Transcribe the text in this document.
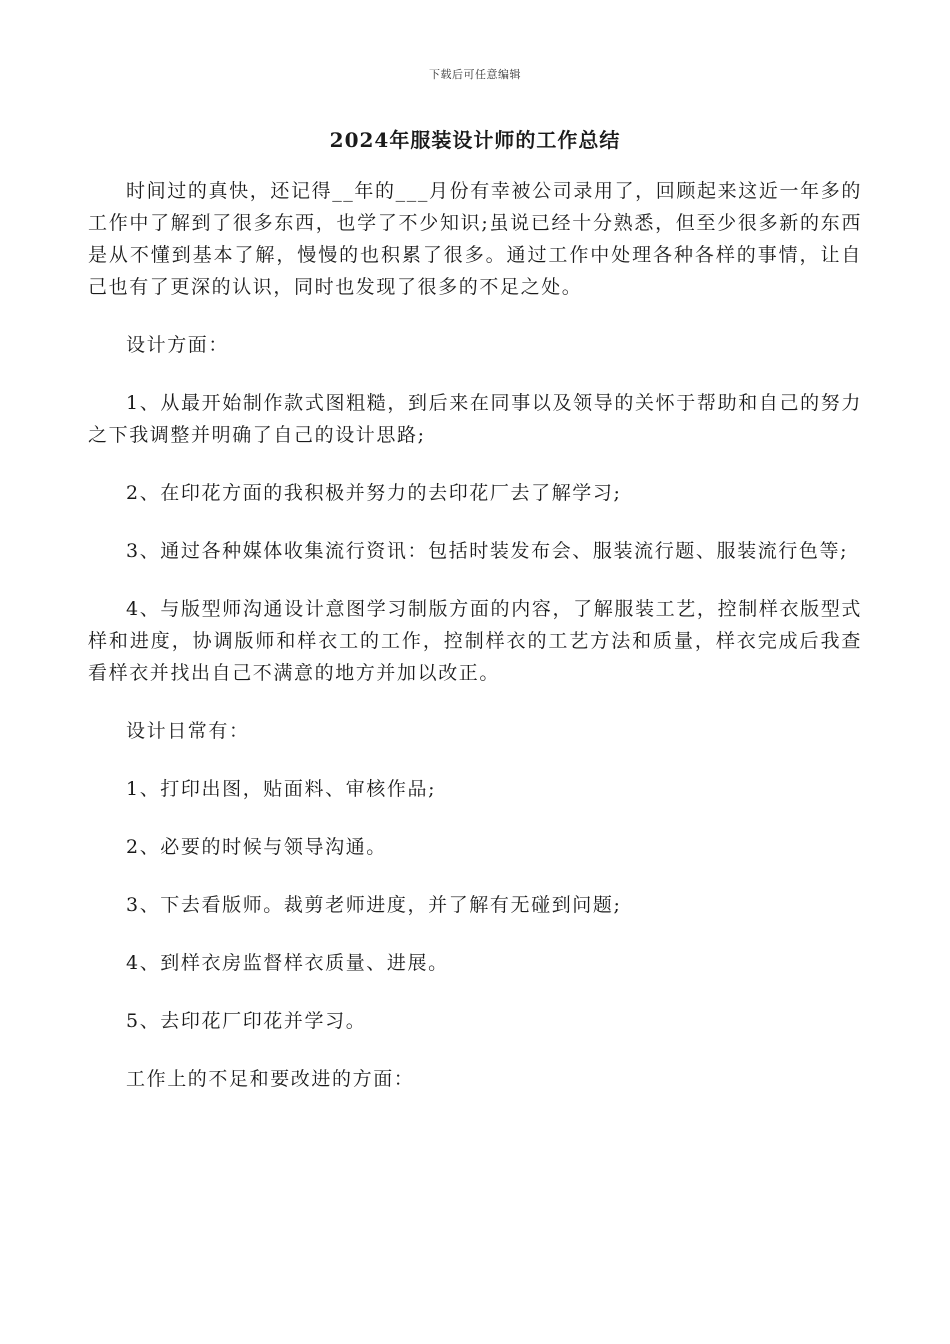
下载后可任意编辑
2024年服装设计师的工作总结

时间过的真快，还记得__年的___月份有幸被公司录用了，回顾起来这近一年多的工作中了解到了很多东西，也学了不少知识;虽说已经十分熟悉，但至少很多新的东西是从不懂到基本了解，慢慢的也积累了很多。通过工作中处理各种各样的事情，让自己也有了更深的认识，同时也发现了很多的不足之处。

设计方面：

1、从最开始制作款式图粗糙，到后来在同事以及领导的关怀于帮助和自己的努力之下我调整并明确了自己的设计思路;

2、在印花方面的我积极并努力的去印花厂去了解学习;

3、通过各种媒体收集流行资讯：包括时装发布会、服装流行题、服装流行色等;

4、与版型师沟通设计意图学习制版方面的内容，了解服装工艺，控制样衣版型式样和进度，协调版师和样衣工的工作，控制样衣的工艺方法和质量，样衣完成后我查看样衣并找出自己不满意的地方并加以改正。

设计日常有：

1、打印出图，贴面料、审核作品;

2、必要的时候与领导沟通。

3、下去看版师。裁剪老师进度，并了解有无碰到问题;

4、到样衣房监督样衣质量、进展。

5、去印花厂印花并学习。

工作上的不足和要改进的方面：
